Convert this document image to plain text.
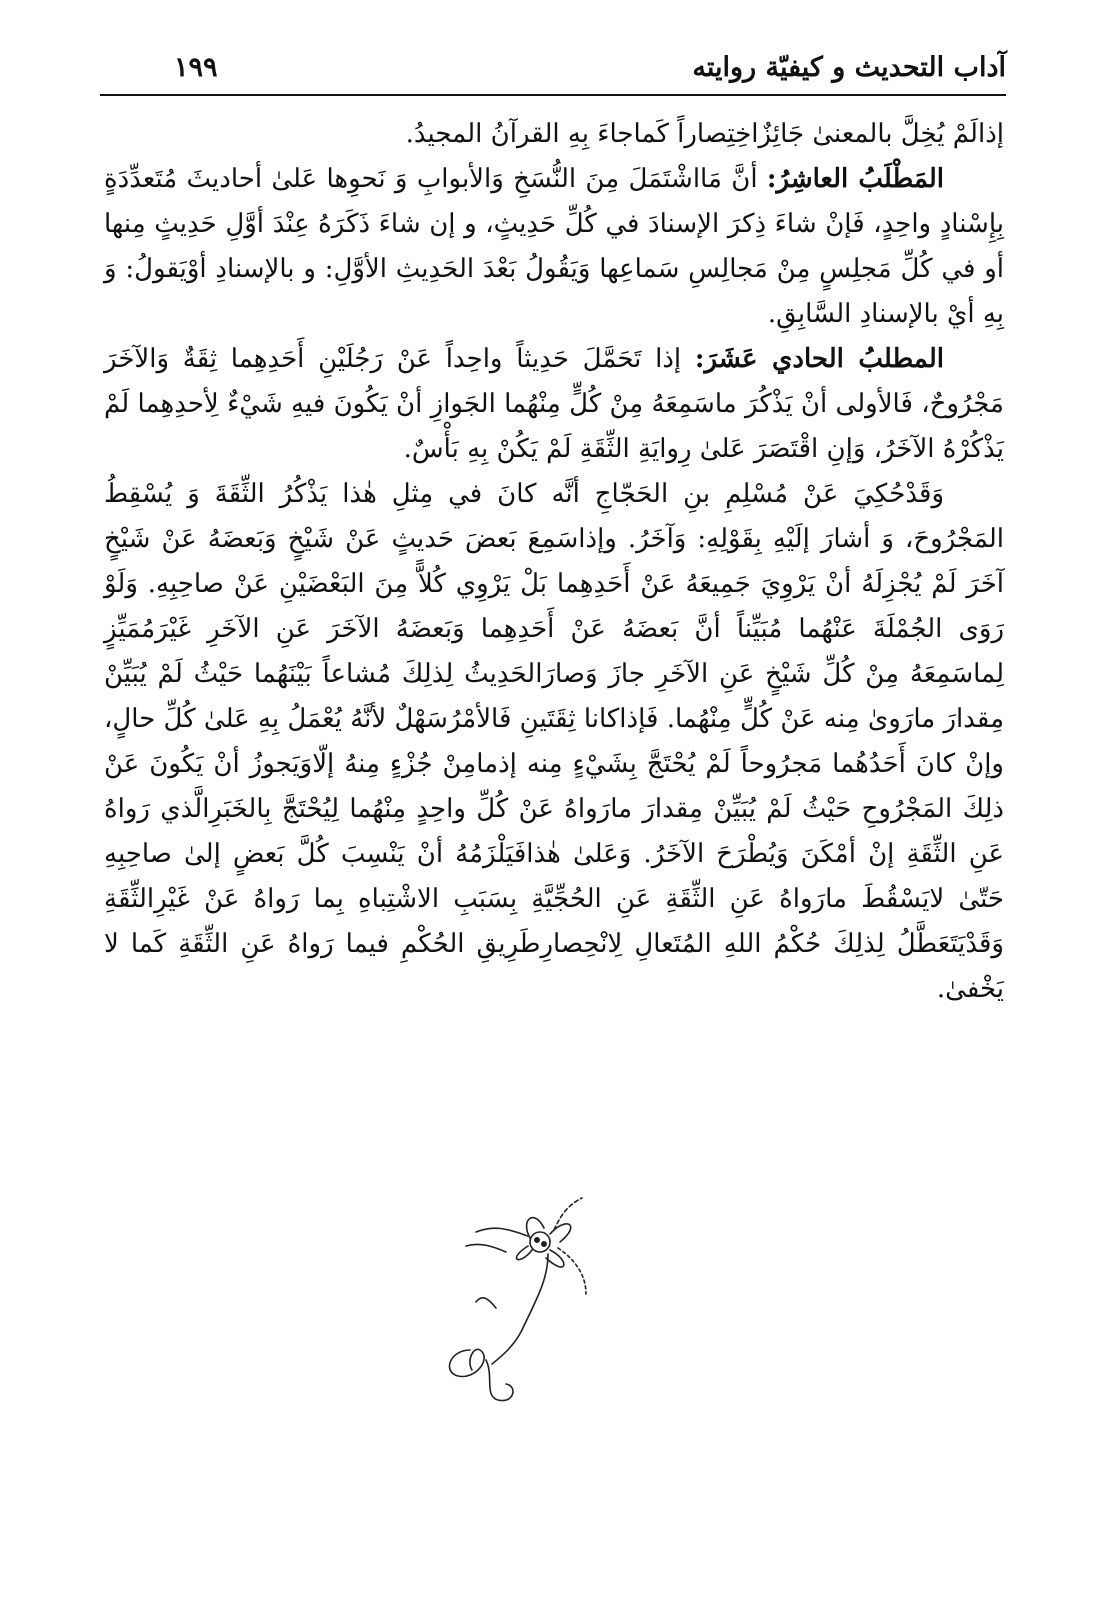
آداب التحديث و كيفيّة روايته
١٩٩

إذالَمْ يُخِلَّ بالمعنىٰ جَائِزٌاخِتِصاراً كَماجاءَ بِهِ القرآنُ المجيدُ.

المَطْلَبُ العاشِرُ: أنَّ مَااشْتَمَلَ مِنَ النُّسَخِ وَالأبوابِ وَ نَحوِها عَلىٰ أحاديثَ مُتَعدِّدَةٍ بِإِسْنادٍ واحِدٍ، فَإنْ شاءَ ذِكرَ الإسنادَ في كُلِّ حَدِيثٍ، و إن شاءَ ذَكَرَهُ عِنْدَ أوَّلِ حَدِيثٍ مِنها أو في كُلِّ مَجلِسٍ مِنْ مَجالِسِ سَماعِها وَيَقُولُ بَعْدَ الحَدِيثِ الأوَّلِ: و بالإسنادِ أوْيَقولُ: وَ بِهِ أيْ بالإسنادِ السَّابِقِ.

المطلبُ الحادي عَشَرَ: إذا تَحَمَّلَ حَدِيثاً واحِداً عَنْ رَجُلَيْنِ أَحَدِهِما ثِقَةٌ وَالآخَرَ مَجْرُوحٌ، فَالأولى أنْ يَذْكُرَ ماسَمِعَهُ مِنْ كُلٍّ مِنْهُما الجَوازِ أنْ يَكُونَ فيهِ شَيْءٌ لِأحدِهِما لَمْ يَذْكُرْهُ الآخَرُ، وَإنِ اقْتَصَرَ عَلىٰ رِوايَةِ الثِّقَةِ لَمْ يَكُنْ بِهِ بَأْسٌ.

وَقَدْحُكِيَ عَنْ مُسْلِمِ بنِ الحَجّاجِ أنَّه كانَ في مِثلِ هٰذا يَذْكُرُ الثِّقَةَ وَ يُسْقِطُ المَجْرُوحَ، وَ أشارَ إلَيْهِ بِقَوْلِهِ: وَآخَرُ. وإذاسَمِعَ بَعضَ حَديثٍ عَنْ شَيْخٍ وَبَعضَهُ عَنْ شَيْخٍ آخَرَ لَمْ يُجْزِلَهُ أنْ يَرْوِيَ جَمِيعَهُ عَنْ أَحَدِهِما بَلْ يَرْوِي كُلاًّ مِنَ البَعْضَيْنِ عَنْ صاحِبِهِ. وَلَوْ رَوَى الجُمْلَةَ عَنْهُما مُبَيِّناً أنَّ بَعضَهُ عَنْ أَحَدِهِما وَبَعضَهُ الآخَرَ عَنِ الآخَرِ غَيْرَمُمَيِّزٍ لِماسَمِعَهُ مِنْ كُلِّ شَيْخٍ عَنِ الآخَرِ جازَ وَصارَالحَدِيثُ لِذلِكَ مُشاعاً بَيْنَهُما حَيْثُ لَمْ يُبَيِّنْ مِقدارَ مارَوىٰ مِنه عَنْ كُلٍّ مِنْهُما. فَإذاكانا ثِقَتَينِ فَالأمْرُسَهْلٌ لأنَّهُ يُعْمَلُ بِهِ عَلىٰ كُلِّ حالٍ، وإنْ كانَ أَحَدُهُما مَجرُوحاً لَمْ يُحْتَجَّ بِشَيْءٍ مِنه إذمامِنْ جُزْءٍ مِنهُ إلّاوَيَجوزُ أنْ يَكُونَ عَنْ ذلِكَ المَجْرُوحِ حَيْثُ لَمْ يُبَيِّنْ مِقدارَ مارَواهُ عَنْ كُلِّ واحِدٍ مِنْهُما لِيُحْتَجَّ بِالخَبَرِالَّذي رَواهُ عَنِ الثِّقَةِ إنْ أمْكَنَ وَيُطْرَحَ الآخَرُ. وَعَلىٰ هٰذافَيَلْزَمُهُ أنْ يَنْسِبَ كُلَّ بَعضٍ إلىٰ صاحِبِهِ حَتّىٰ لايَسْقُطَ مارَواهُ عَنِ الثِّقَةِ عَنِ الحُجِّيَّةِ بِسَبَبِ الاشْتِباهِ بِما رَواهُ عَنْ غَيْرِالثِّقَةِ وَقَدْيَتَعَطَّلُ لِذلِكَ حُكْمُ اللهِ المُتَعالِ لِانْحِصارِطَرِيقِ الحُكْمِ فيما رَواهُ عَنِ الثِّقَةِ كَما لا يَخْفىٰ.
